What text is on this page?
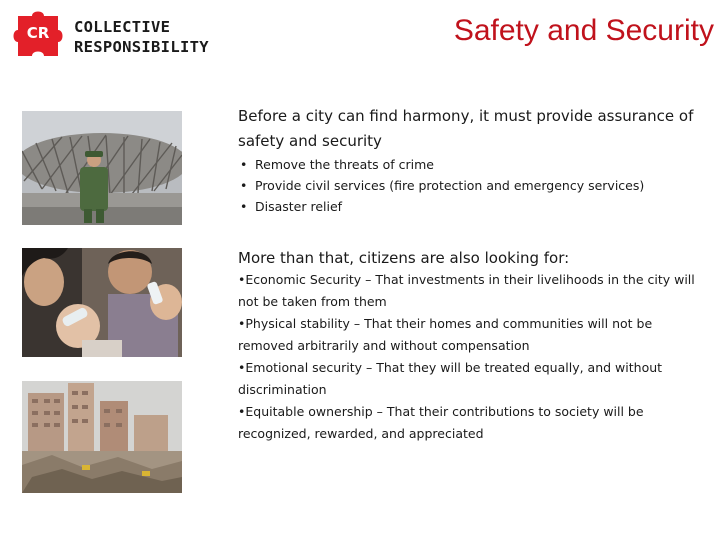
CR COLLECTIVE
RESPONSIBILITY	Safety and Security

Before a city can find harmony, it must provide assurance of safety and security

• Remove the threats of crime
• Provide civil services (fire protection and emergency services)
• Disaster relief

More than that, citizens are also looking for:

•Economic Security – That investments in their livelihoods in the city will not be taken from them
•Physical stability – That their homes and communities will not be removed arbitrarily and without compensation
•Emotional security – That they will be treated equally, and without discrimination
•Equitable ownership – That their contributions to society will be recognized, rewarded, and appreciated
